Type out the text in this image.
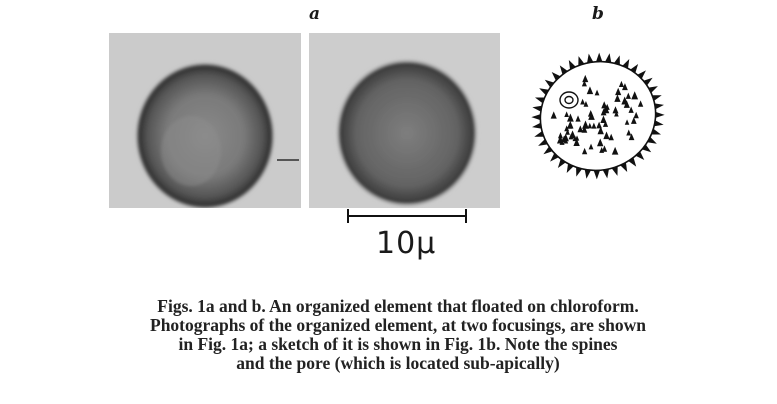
a	b
10μ

Figs. 1a and b. An organized element that floated on chloroform.

Photographs of the organized element, at two focusings, are shown

in Fig. 1a; a sketch of it is shown in Fig. 1b. Note the spines

and the pore (which is located sub-apically)
